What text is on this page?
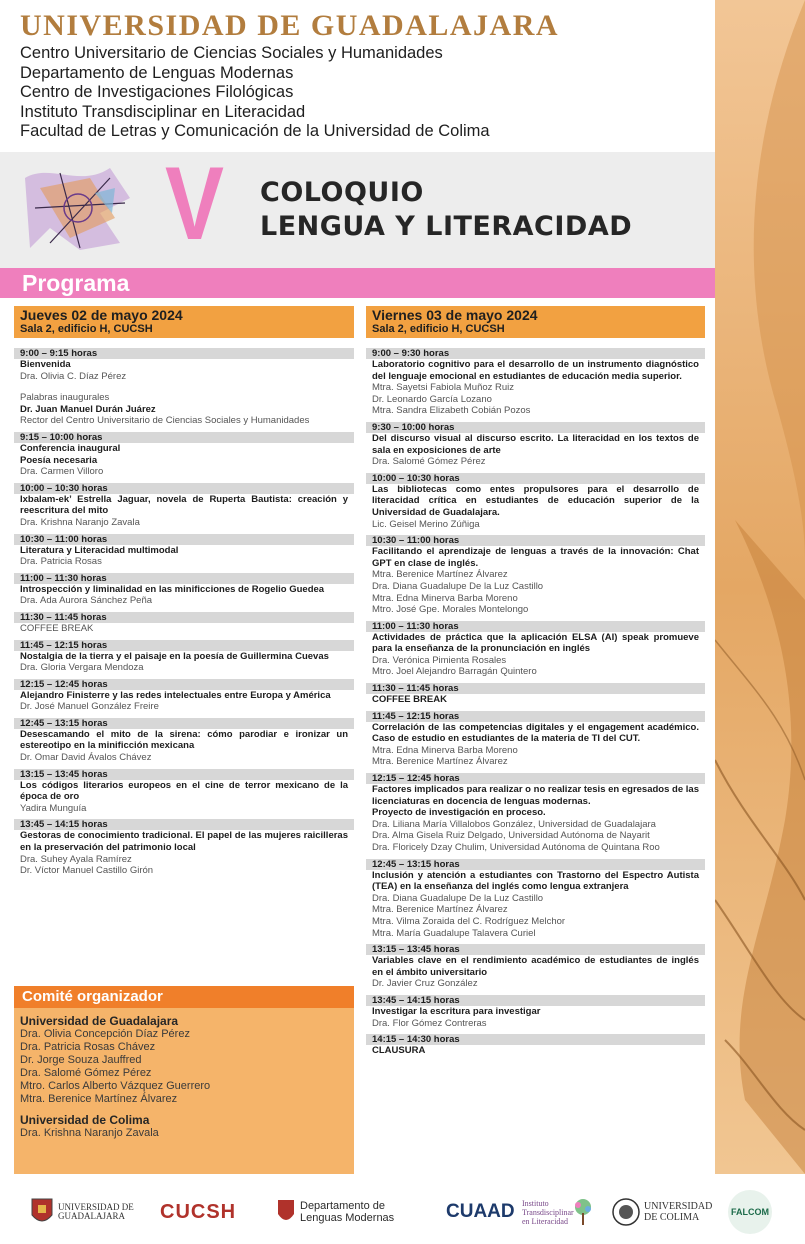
UNIVERSIDAD DE GUADALAJARA
Centro Universitario de Ciencias Sociales y Humanidades
Departamento de Lenguas Modernas
Centro de Investigaciones Filológicas
Instituto Transdisciplinar en Literacidad
Facultad de Letras y Comunicación de la Universidad de Colima
V COLOQUIO
LENGUA Y LITERACIDAD
Programa
Jueves 02 de mayo 2024
Sala 2, edificio H, CUCSH
9:00 – 9:15 horas
Bienvenida
Dra. Olivia C. Díaz Pérez
Palabras inaugurales
Dr. Juan Manuel Durán Juárez
Rector del Centro Universitario de Ciencias Sociales y Humanidades
9:15 – 10:00 horas
Conferencia inaugural
Poesía necesaria
Dra. Carmen Villoro
10:00 – 10:30 horas
Ixbalam-ek’ Estrella Jaguar, novela de Ruperta Bautista: creación y reescritura del mito
Dra. Krishna Naranjo Zavala
10:30 – 11:00 horas
Literatura y Literacidad multimodal
Dra. Patricia Rosas
11:00 – 11:30 horas
Introspección y liminalidad en las minificciones de Rogelio Guedea
Dra. Ada Aurora Sánchez Peña
11:30 – 11:45 horas
COFFEE BREAK
11:45 – 12:15 horas
Nostalgia de la tierra y el paisaje en la poesía de Guillermina Cuevas
Dra. Gloria Vergara Mendoza
12:15 – 12:45 horas
Alejandro Finisterre y las redes intelectuales entre Europa y América
Dr. José Manuel González Freire
12:45 – 13:15 horas
Desescamando el mito de la sirena: cómo parodiar e ironizar un estereotipo en la minificción mexicana
Dr. Omar David Ávalos Chávez
13:15 – 13:45 horas
Los códigos literarios europeos en el cine de terror mexicano de la época de oro
Yadira Munguía
13:45 – 14:15 horas
Gestoras de conocimiento tradicional. El papel de las mujeres raicilleras en la preservación del patrimonio local
Dra. Suhey Ayala Ramírez
Dr. Víctor Manuel Castillo Girón
Viernes 03 de mayo 2024
Sala 2, edificio H, CUCSH
9:00 – 9:30 horas
Laboratorio cognitivo para el desarrollo de un instrumento diagnóstico del lenguaje emocional en estudiantes de educación media superior.
Mtra. Sayetsi Fabiola Muñoz Ruiz
Dr. Leonardo García Lozano
Mtra. Sandra Elizabeth Cobián Pozos
9:30 – 10:00 horas
Del discurso visual al discurso escrito. La literacidad en los textos de sala en exposiciones de arte
Dra. Salomé Gómez Pérez
10:00 – 10:30 horas
Las bibliotecas como entes propulsores para el desarrollo de literacidad crítica en estudiantes de educación superior de la Universidad de Guadalajara.
Lic. Geisel Merino Zúñiga
10:30 – 11:00 horas
Facilitando el aprendizaje de lenguas a través de la innovación: Chat GPT en clase de inglés.
Mtra. Berenice Martínez Álvarez
Dra. Diana Guadalupe De la Luz Castillo
Mtra. Edna Minerva Barba Moreno
Mtro. José Gpe. Morales Montelongo
11:00 – 11:30 horas
Actividades de práctica que la aplicación ELSA (AI) speak promueve para la enseñanza de la pronunciación en inglés
Dra. Verónica Pimienta Rosales
Mtro. Joel Alejandro Barragán Quintero
11:30 – 11:45 horas
COFFEE BREAK
11:45 – 12:15 horas
Correlación de las competencias digitales y el engagement académico. Caso de estudio en estudiantes de la materia de TI del CUT.
Mtra. Edna Minerva Barba Moreno
Mtra. Berenice Martínez Álvarez
12:15 – 12:45 horas
Factores implicados para realizar o no realizar tesis en egresados de las licenciaturas en docencia de lenguas modernas.
Proyecto de investigación en proceso.
Dra. Liliana María Villalobos González, Universidad de Guadalajara
Dra. Alma Gisela Ruiz Delgado, Universidad Autónoma de Nayarit
Dra. Floricely Dzay Chulim, Universidad Autónoma de Quintana Roo
12:45 – 13:15 horas
Inclusión y atención a estudiantes con Trastorno del Espectro Autista (TEA) en la enseñanza del inglés como lengua extranjera
Dra. Diana Guadalupe De la Luz Castillo
Mtra. Berenice Martínez Álvarez
Mtra. Vilma Zoraida del C. Rodríguez Melchor
Mtra. María Guadalupe Talavera Curiel
13:15 – 13:45 horas
Variables clave en el rendimiento académico de estudiantes de inglés en el ámbito universitario
Dr. Javier Cruz González
13:45 – 14:15 horas
Investigar la escritura para investigar
Dra. Flor Gómez Contreras
14:15 – 14:30 horas
CLAUSURA
Comité organizador
Universidad de Guadalajara
Dra. Olivia Concepción Díaz Pérez
Dra. Patricia Rosas Chávez
Dr. Jorge Souza Jauffred
Dra. Salomé Gómez Pérez
Mtro. Carlos Alberto Vázquez Guerrero
Mtra. Berenice Martínez Álvarez
Universidad de Colima
Dra. Krishna Naranjo Zavala
UNIVERSIDAD DE GUADALAJARA	CUCSH	Departamento de Lenguas Modernas	CUAAD Instituto Transdisciplinar en Literacidad
UNIVERSIDAD DE COLIMA	FALCOM
